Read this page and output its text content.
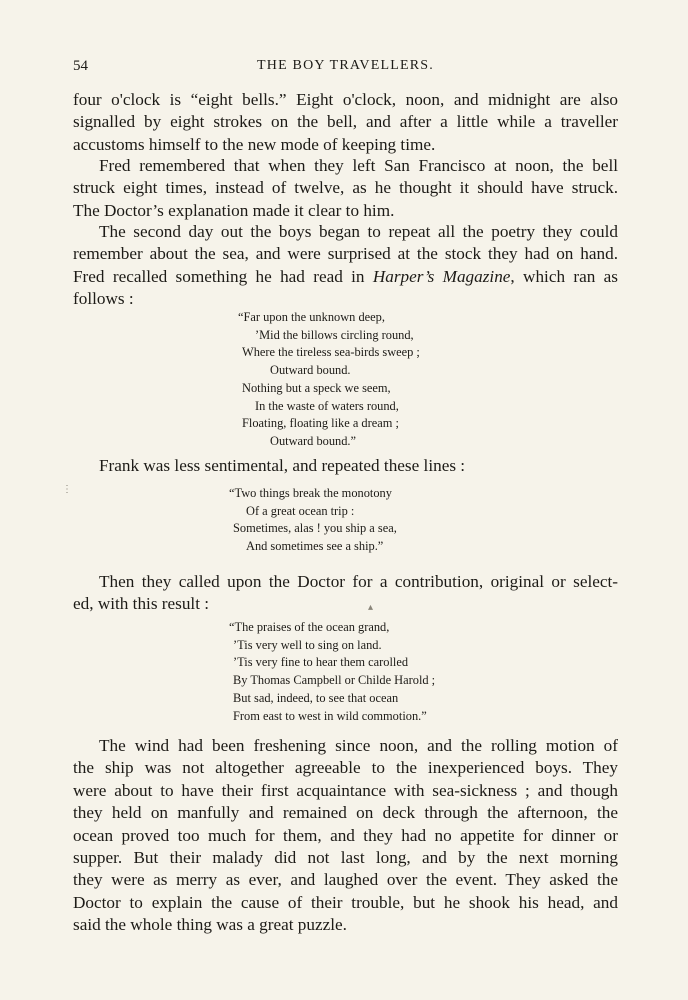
54	THE BOY TRAVELLERS.

four o'clock is “eight bells.” Eight o'clock, noon, and midnight are also
signalled by eight strokes on the bell, and after a little while a traveller
accustoms himself to the new mode of keeping time.

Fred remembered that when they left San Francisco at noon, the bell
struck eight times, instead of twelve, as he thought it should have struck.
The Doctor’s explanation made it clear to him.

The second day out the boys began to repeat all the poetry they could
remember about the sea, and were surprised at the stock they had on hand.
Fred recalled something he had read in Harper’s Magazine, which ran as
follows :

“Far upon the unknown deep,
’Mid the billows circling round,
Where the tireless sea-birds sweep ;
Outward bound.
Nothing but a speck we seem,
In the waste of waters round,
Floating, floating like a dream ;
Outward bound.”

Frank was less sentimental, and repeated these lines :

“Two things break the monotony
Of a great ocean trip :
Sometimes, alas ! you ship a sea,
And sometimes see a ship.”

Then they called upon the Doctor for a contribution, original or select-
ed, with this result :

“The praises of the ocean grand,
’Tis very well to sing on land.
’Tis very fine to hear them carolled
By Thomas Campbell or Childe Harold ;
But sad, indeed, to see that ocean
From east to west in wild commotion.”

The wind had been freshening since noon, and the rolling motion of
the ship was not altogether agreeable to the inexperienced boys. They
were about to have their first acquaintance with sea-sickness ; and though
they held on manfully and remained on deck through the afternoon, the
ocean proved too much for them, and they had no appetite for dinner or
supper. But their malady did not last long, and by the next morning
they were as merry as ever, and laughed over the event. They asked the
Doctor to explain the cause of their trouble, but he shook his head, and
said the whole thing was a great puzzle.

▴
⋮
